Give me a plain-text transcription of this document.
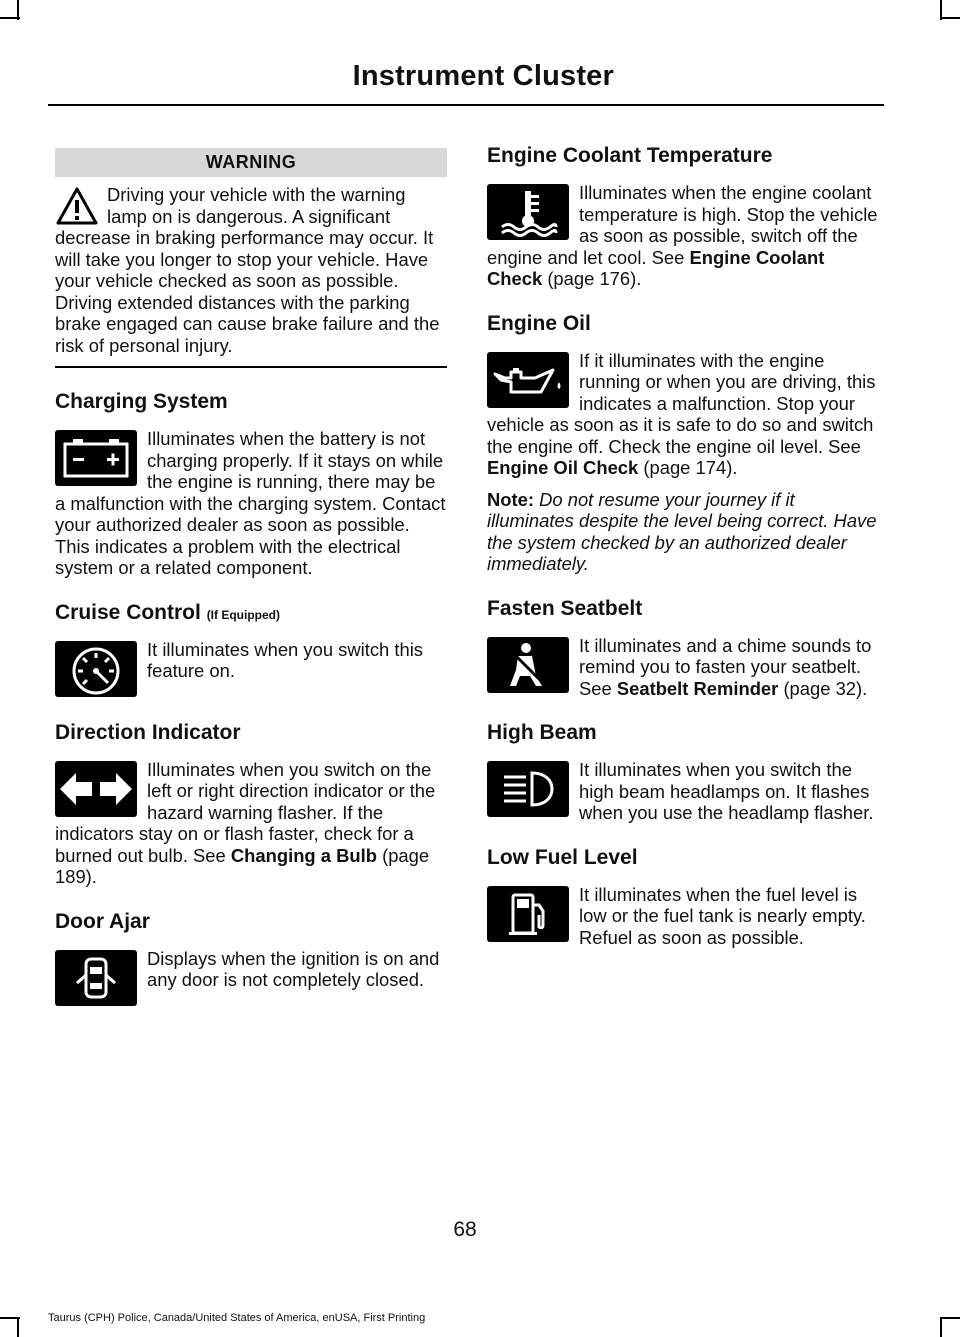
Instrument Cluster
WARNING
Driving your vehicle with the warning lamp on is dangerous. A significant decrease in braking performance may occur. It will take you longer to stop your vehicle. Have your vehicle checked as soon as possible. Driving extended distances with the parking brake engaged can cause brake failure and the risk of personal injury.
Charging System
Illuminates when the battery is not charging properly. If it stays on while the engine is running, there may be a malfunction with the charging system. Contact your authorized dealer as soon as possible. This indicates a problem with the electrical system or a related component.
Cruise Control (If Equipped)
It illuminates when you switch this feature on.
Direction Indicator
Illuminates when you switch on the left or right direction indicator or the hazard warning flasher. If the indicators stay on or flash faster, check for a burned out bulb. See Changing a Bulb (page 189).
Door Ajar
Displays when the ignition is on and any door is not completely closed.
Engine Coolant Temperature
Illuminates when the engine coolant temperature is high. Stop the vehicle as soon as possible, switch off the engine and let cool. See Engine Coolant Check (page 176).
Engine Oil
If it illuminates with the engine running or when you are driving, this indicates a malfunction. Stop your vehicle as soon as it is safe to do so and switch the engine off. Check the engine oil level. See Engine Oil Check (page 174).
Note: Do not resume your journey if it illuminates despite the level being correct. Have the system checked by an authorized dealer immediately.
Fasten Seatbelt
It illuminates and a chime sounds to remind you to fasten your seatbelt. See Seatbelt Reminder (page 32).
High Beam
It illuminates when you switch the high beam headlamps on. It flashes when you use the headlamp flasher.
Low Fuel Level
It illuminates when the fuel level is low or the fuel tank is nearly empty. Refuel as soon as possible.
68
Taurus (CPH) Police, Canada/United States of America, enUSA, First Printing
